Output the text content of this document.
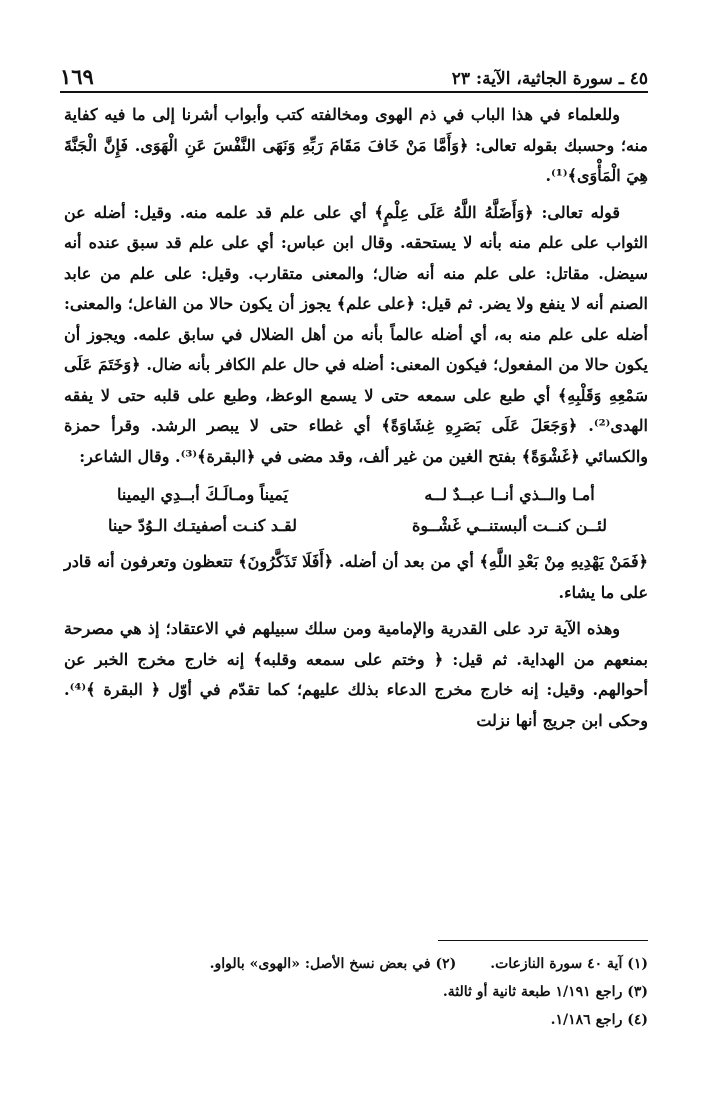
٤٥ ـ سورة الجاثية، الآية: ٢٣
١٦٩

وللعلماء في هذا الباب في ذم الهوى ومخالفته كتب وأبواب أشرنا إلى ما فيه كفاية منه؛ وحسبك بقوله تعالى: ﴿وَأَمَّا مَنْ خَافَ مَقَامَ رَبِّهِ وَنَهَى النَّفْسَ عَنِ الْهَوَى. فَإِنَّ الْجَنَّةَ هِيَ الْمَأْوَى﴾⁽¹⁾.

قوله تعالى: ﴿وَأَضَلَّهُ اللَّهُ عَلَى عِلْمٍ﴾ أي على علم قد علمه منه. وقيل: أضله عن الثواب على علم منه بأنه لا يستحقه. وقال ابن عباس: أي على علم قد سبق عنده أنه سيضل. مقاتل: على علم منه أنه ضال؛ والمعنى متقارب. وقيل: على علم من عابد الصنم أنه لا ينفع ولا يضر. ثم قيل: ﴿على علم﴾ يجوز أن يكون حالا من الفاعل؛ والمعنى: أضله على علم منه به، أي أضله عالماً بأنه من أهل الضلال في سابق علمه. ويجوز أن يكون حالا من المفعول؛ فيكون المعنى: أضله في حال علم الكافر بأنه ضال. ﴿وَخَتَمَ عَلَى سَمْعِهِ وَقَلْبِهِ﴾ أي طبع على سمعه حتى لا يسمع الوعظ، وطبع على قلبه حتى لا يفقه الهدى⁽²⁾. ﴿وَجَعَلَ عَلَى بَصَرِهِ غِشَاوَةً﴾ أي غطاء حتى لا يبصر الرشد. وقرأ حمزة والكسائي ﴿غَشْوَةً﴾ بفتح الغين من غير ألف، وقد مضى في ﴿البقرة﴾⁽³⁾. وقال الشاعر:

أمـا والــذي أنــا عبــدٌ لــه
يَميناً ومـالَـكَ أبــدِي اليمينا
لئــن كنــت ألبستنــي غَشْــوة
لقـد كنـت أصفيتـك الـوُدّ حينا

﴿فَمَنْ يَهْدِيهِ مِنْ بَعْدِ اللَّهِ﴾ أي من بعد أن أضله. ﴿أَفَلَا تَذَكَّرُونَ﴾ تتعظون وتعرفون أنه قادر على ما يشاء.

وهذه الآية ترد على القدرية والإمامية ومن سلك سبيلهم في الاعتقاد؛ إذ هي مصرحة بمنعهم من الهداية. ثم قيل: ﴿ وختم على سمعه وقلبه﴾ إنه خارج مخرج الخبر عن أحوالهم. وقيل: إنه خارج مخرج الدعاء بذلك عليهم؛ كما تقدّم في أوّل ﴿ البقرة ﴾⁽⁴⁾. وحكى ابن جريج أنها نزلت

(١) آية ٤٠ سورة النازعات.
(٢) في بعض نسخ الأصل: «الهوى» بالواو.
(٣) راجع ١/١٩١ طبعة ثانية أو ثالثة.
(٤) راجع ١/١٨٦.
